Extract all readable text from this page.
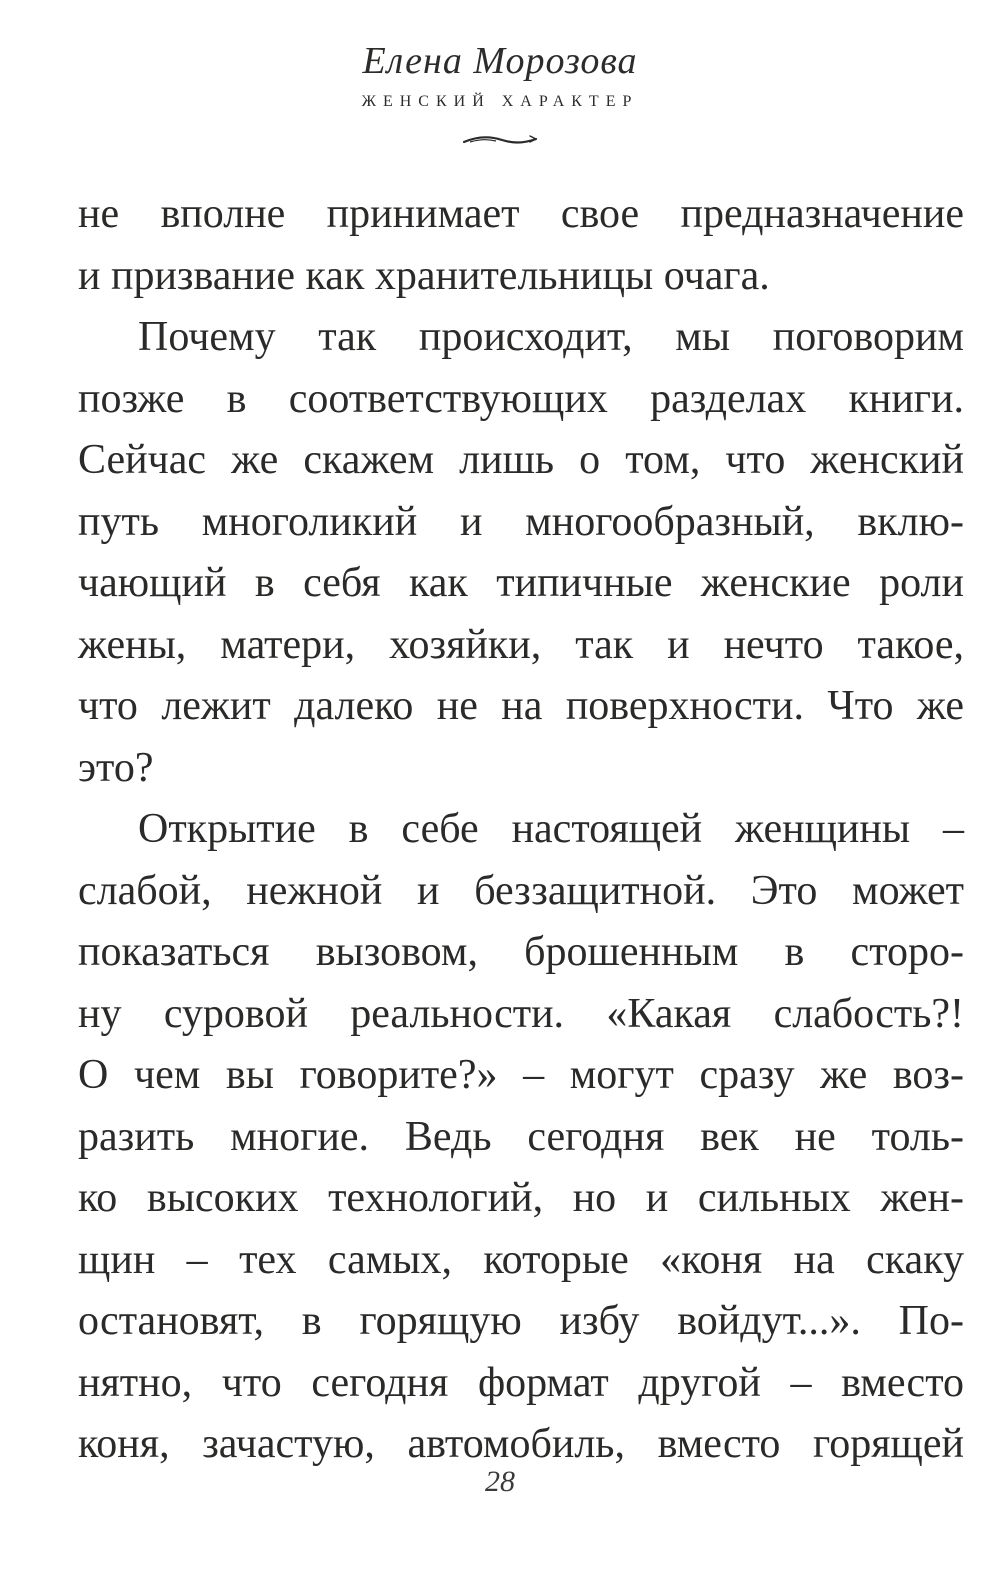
Елена Морозова
ЖЕНСКИЙ ХАРАКТЕР
не вполне принимает свое предназначение
и призвание как хранительницы очага.
Почему так происходит, мы поговорим
позже в соответствующих разделах книги.
Сейчас же скажем лишь о том, что женский
путь многоликий и многообразный, вклю-
чающий в себя как типичные женские роли
жены, матери, хозяйки, так и нечто такое,
что лежит далеко не на поверхности. Что же
это?
Открытие в себе настоящей женщины –
слабой, нежной и беззащитной. Это может
показаться вызовом, брошенным в сторо-
ну суровой реальности. «Какая слабость?!
О чем вы говорите?» – могут сразу же воз-
разить многие. Ведь сегодня век не толь-
ко высоких технологий, но и сильных жен-
щин – тех самых, которые «коня на скаку
остановят, в горящую избу войдут...». По-
нятно, что сегодня формат другой – вместо
коня, зачастую, автомобиль, вместо горящей
28
